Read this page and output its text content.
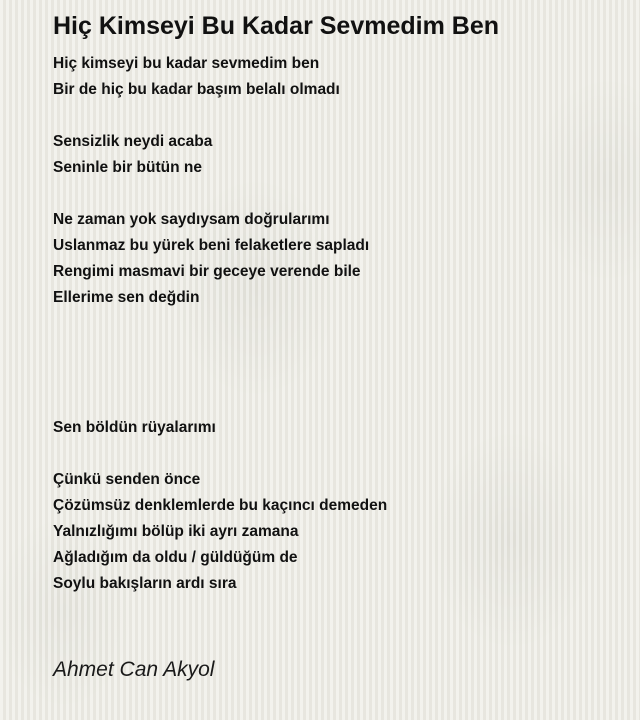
Hiç Kimseyi Bu Kadar Sevmedim Ben
Hiç kimseyi bu kadar sevmedim ben
Bir de hiç bu kadar başım belalı olmadı
Sensizlik neydi acaba
Seninle bir bütün ne
Ne zaman yok saydıysam doğrularımı
Uslanmaz bu yürek beni felaketlere sapladı
Rengimi masmavi bir geceye verende bile
Ellerime sen değdin
Sen böldün rüyalarımı
Çünkü senden önce
Çözümsüz denklemlerde bu kaçıncı demeden
Yalnızlığımı bölüp iki ayrı zamana
Ağladığım da oldu / güldüğüm de
Soylu bakışların ardı sıra
Ahmet Can Akyol
